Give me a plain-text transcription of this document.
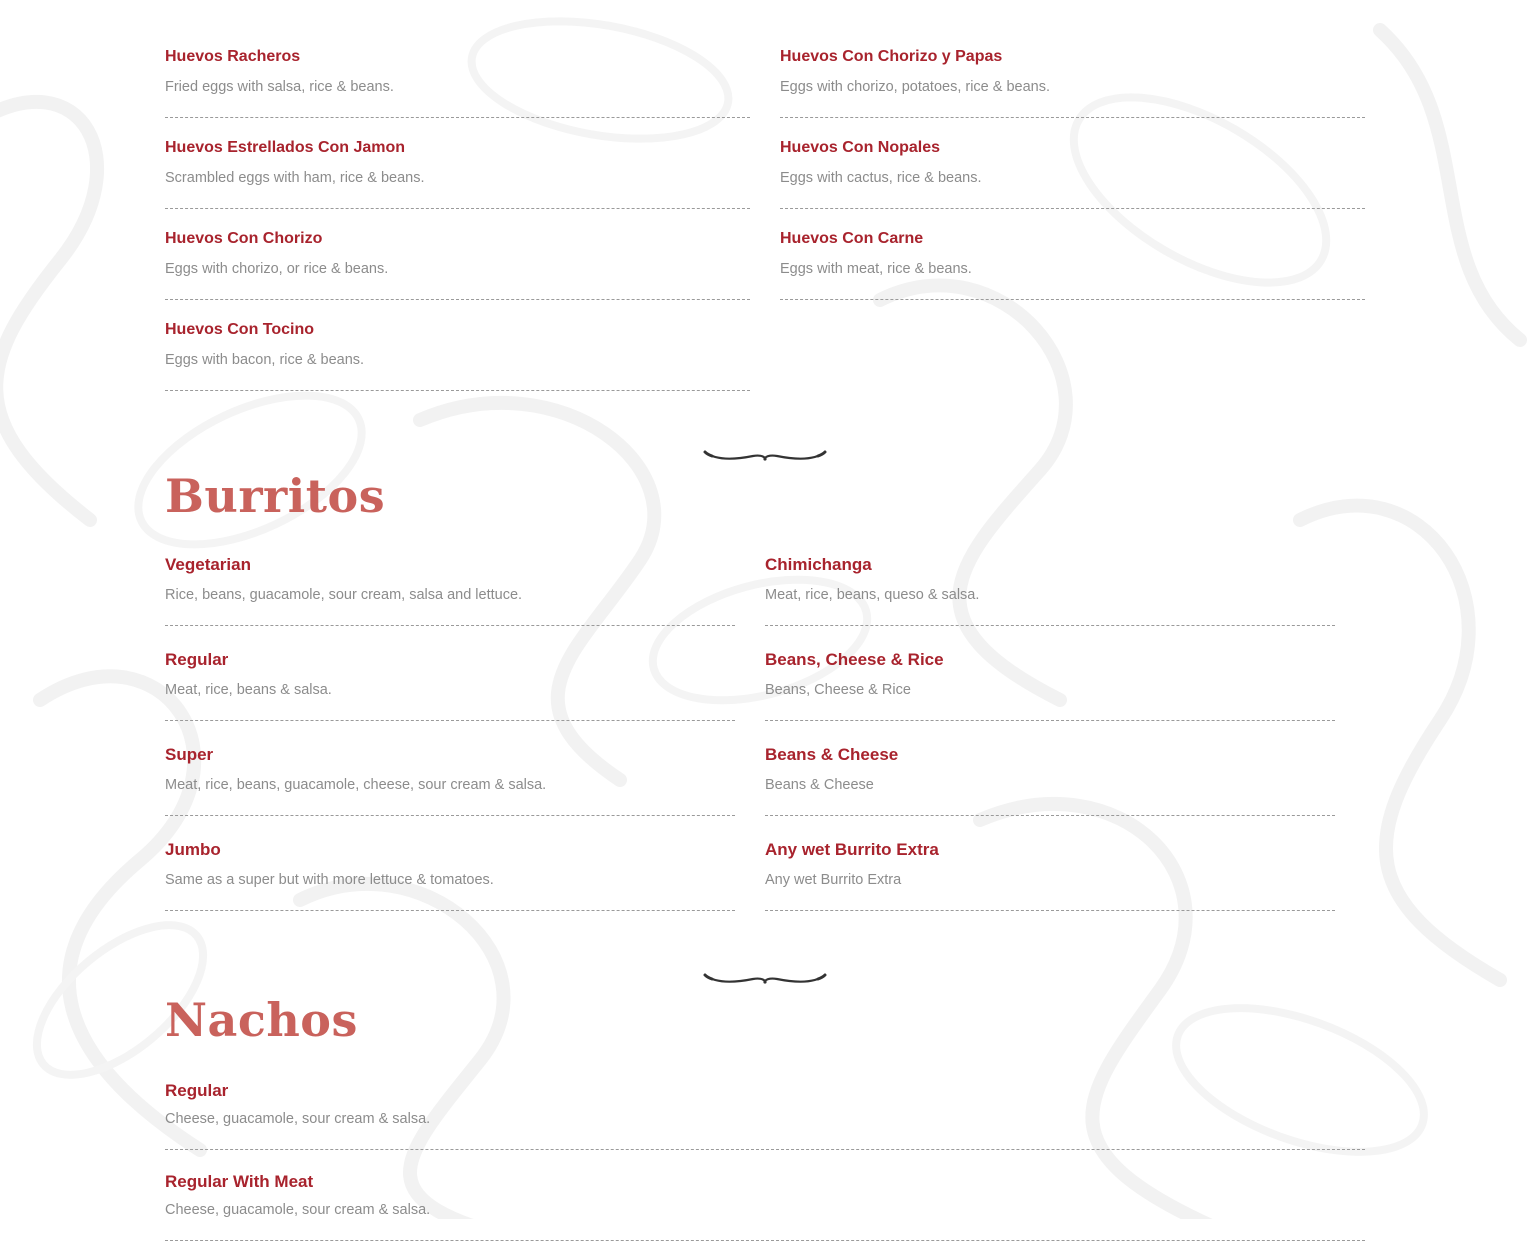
Huevos Racheros
Fried eggs with salsa, rice & beans.
Huevos Con Chorizo y Papas
Eggs with chorizo, potatoes, rice & beans.
Huevos Estrellados Con Jamon
Scrambled eggs with ham, rice & beans.
Huevos Con Nopales
Eggs with cactus, rice & beans.
Huevos Con Chorizo
Eggs with chorizo, or rice & beans.
Huevos Con Carne
Eggs with meat, rice & beans.
Huevos Con Tocino
Eggs with bacon, rice & beans.
Burritos
Vegetarian
Rice, beans, guacamole, sour cream, salsa and lettuce.
Chimichanga
Meat, rice, beans, queso & salsa.
Regular
Meat, rice, beans & salsa.
Beans, Cheese & Rice
Beans, Cheese & Rice
Super
Meat, rice, beans, guacamole, cheese, sour cream & salsa.
Beans & Cheese
Beans & Cheese
Jumbo
Same as a super but with more lettuce & tomatoes.
Any wet Burrito Extra
Any wet Burrito Extra
Nachos
Regular
Cheese, guacamole, sour cream & salsa.
Regular With Meat
Cheese, guacamole, sour cream & salsa.
